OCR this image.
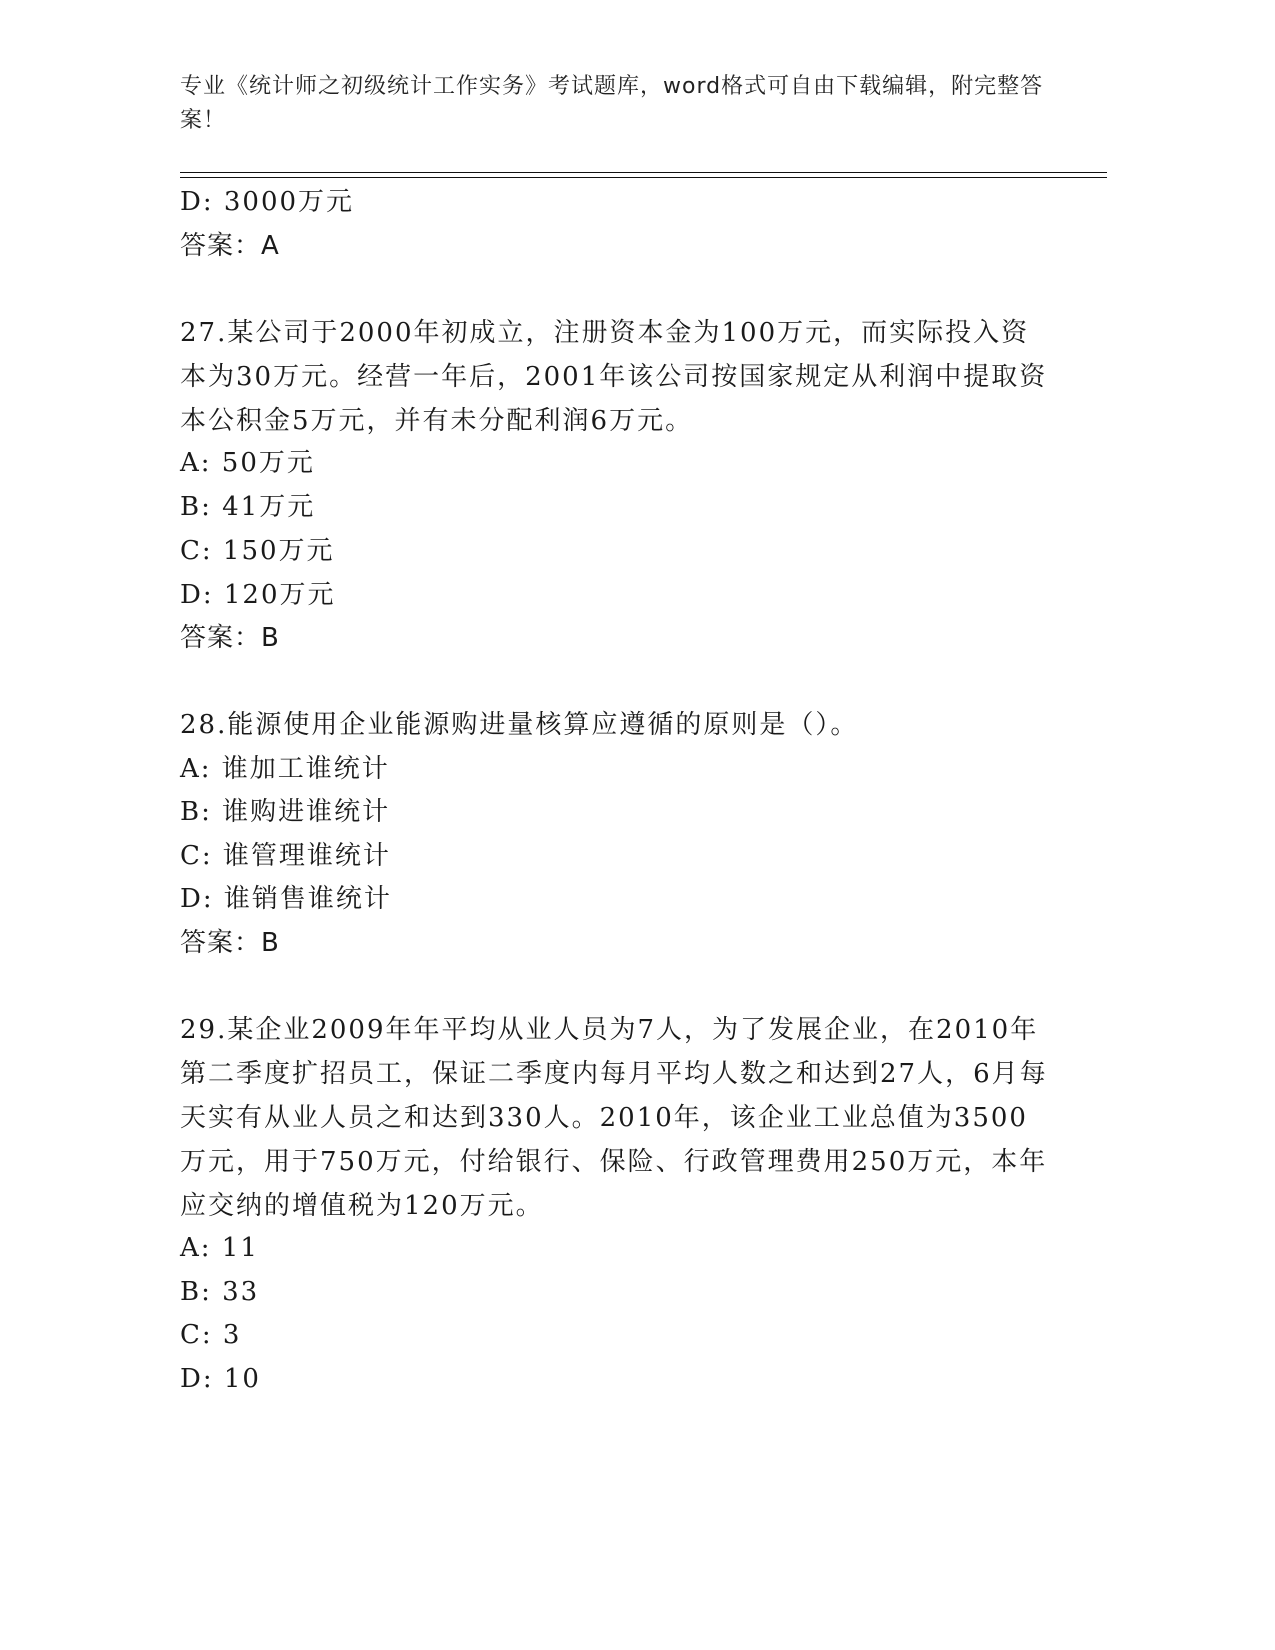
专业《统计师之初级统计工作实务》考试题库，word格式可自由下载编辑，附完整答案！
D: 3000万元
答案：A
27.某公司于2000年初成立，注册资本金为100万元，而实际投入资本为30万元。经营一年后，2001年该公司按国家规定从利润中提取资本公积金5万元，并有未分配利润6万元。
A: 50万元
B: 41万元
C: 150万元
D: 120万元
答案：B
28.能源使用企业能源购进量核算应遵循的原则是（）。
A: 谁加工谁统计
B: 谁购进谁统计
C: 谁管理谁统计
D: 谁销售谁统计
答案：B
29.某企业2009年年平均从业人员为7人，为了发展企业，在2010年第二季度扩招员工，保证二季度内每月平均人数之和达到27人，6月每天实有从业人员之和达到330人。2010年，该企业工业总值为3500万元，用于750万元，付给银行、保险、行政管理费用250万元，本年应交纳的增值税为120万元。
A: 11
B: 33
C: 3
D: 10
